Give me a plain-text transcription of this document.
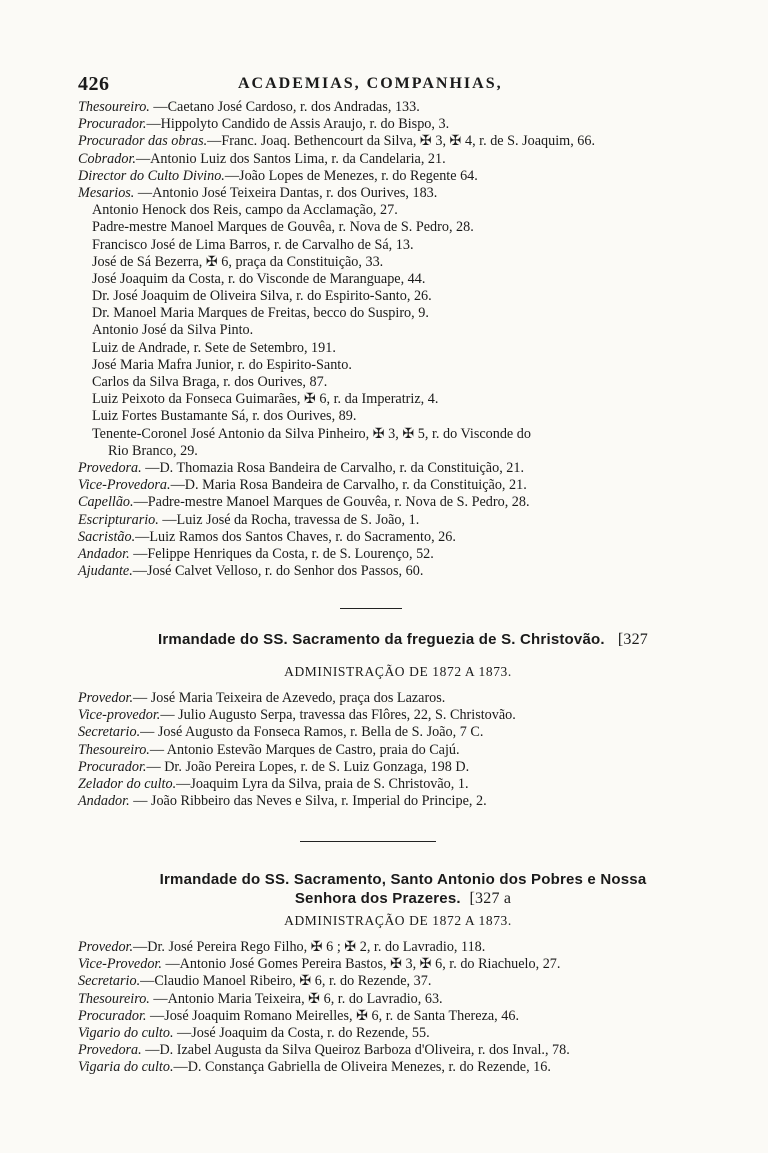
426	ACADEMIAS, COMPANHIAS,
Thesoureiro. —Caetano José Cardoso, r. dos Andradas, 133.
Procurador.—Hippolyto Candido de Assis Araujo, r. do Bispo, 3.
Procurador das obras.—Franc. Joaq. Bethencourt da Silva, ✠ 3, ✠ 4, r. de S. Joaquim, 66.
Cobrador.—Antonio Luiz dos Santos Lima, r. da Candelaria, 21.
Director do Culto Divino.—João Lopes de Menezes, r. do Regente 64.
Mesarios. —Antonio José Teixeira Dantas, r. dos Ourives, 183.
Antonio Henock dos Reis, campo da Acclamação, 27.
Padre-mestre Manoel Marques de Gouvêa, r. Nova de S. Pedro, 28.
Francisco José de Lima Barros, r. de Carvalho de Sá, 13.
José de Sá Bezerra, ✠ 6, praça da Constituição, 33.
José Joaquim da Costa, r. do Visconde de Maranguape, 44.
Dr. José Joaquim de Oliveira Silva, r. do Espirito-Santo, 26.
Dr. Manoel Maria Marques de Freitas, becco do Suspiro, 9.
Antonio José da Silva Pinto.
Luiz de Andrade, r. Sete de Setembro, 191.
José Maria Mafra Junior, r. do Espirito-Santo.
Carlos da Silva Braga, r. dos Ourives, 87.
Luiz Peixoto da Fonseca Guimarães, ✠ 6, r. da Imperatriz, 4.
Luiz Fortes Bustamante Sá, r. dos Ourives, 89.
Tenente-Coronel José Antonio da Silva Pinheiro, ✠ 3, ✠ 5, r. do Visconde do
Rio Branco, 29.
Provedora. —D. Thomazia Rosa Bandeira de Carvalho, r. da Constituição, 21.
Vice-Provedora.—D. Maria Rosa Bandeira de Carvalho, r. da Constituição, 21.
Capellão.—Padre-mestre Manoel Marques de Gouvêa, r. Nova de S. Pedro, 28.
Escripturario. —Luiz José da Rocha, travessa de S. João, 1.
Sacristão.—Luiz Ramos dos Santos Chaves, r. do Sacramento, 26.
Andador. —Felippe Henriques da Costa, r. de S. Lourenço, 52.
Ajudante.—José Calvet Velloso, r. do Senhor dos Passos, 60.
Irmandade do SS. Sacramento da freguezia de S. Christovão. [327
ADMINISTRAÇÃO DE 1872 A 1873.
Provedor.— José Maria Teixeira de Azevedo, praça dos Lazaros.
Vice-provedor.— Julio Augusto Serpa, travessa das Flôres, 22, S. Christovão.
Secretario.— José Augusto da Fonseca Ramos, r. Bella de S. João, 7 C.
Thesoureiro.— Antonio Estevão Marques de Castro, praia do Cajú.
Procurador.— Dr. João Pereira Lopes, r. de S. Luiz Gonzaga, 198 D.
Zelador do culto.—Joaquim Lyra da Silva, praia de S. Christovão, 1.
Andador. — João Ribbeiro das Neves e Silva, r. Imperial do Principe, 2.
Irmandade do SS. Sacramento, Santo Antonio dos Pobres e Nossa
Senhora dos Prazeres. [327 a
ADMINISTRAÇÃO DE 1872 A 1873.
Provedor.—Dr. José Pereira Rego Filho, ✠ 6 ; ✠ 2, r. do Lavradio, 118.
Vice-Provedor. —Antonio José Gomes Pereira Bastos, ✠ 3, ✠ 6, r. do Riachuelo, 27.
Secretario.—Claudio Manoel Ribeiro, ✠ 6, r. do Rezende, 37.
Thesoureiro. —Antonio Maria Teixeira, ✠ 6, r. do Lavradio, 63.
Procurador. —José Joaquim Romano Meirelles, ✠ 6, r. de Santa Thereza, 46.
Vigario do culto. —José Joaquim da Costa, r. do Rezende, 55.
Provedora. —D. Izabel Augusta da Silva Queiroz Barboza d'Oliveira, r. dos Inval., 78.
Vigaria do culto.—D. Constança Gabriella de Oliveira Menezes, r. do Rezende, 16.
